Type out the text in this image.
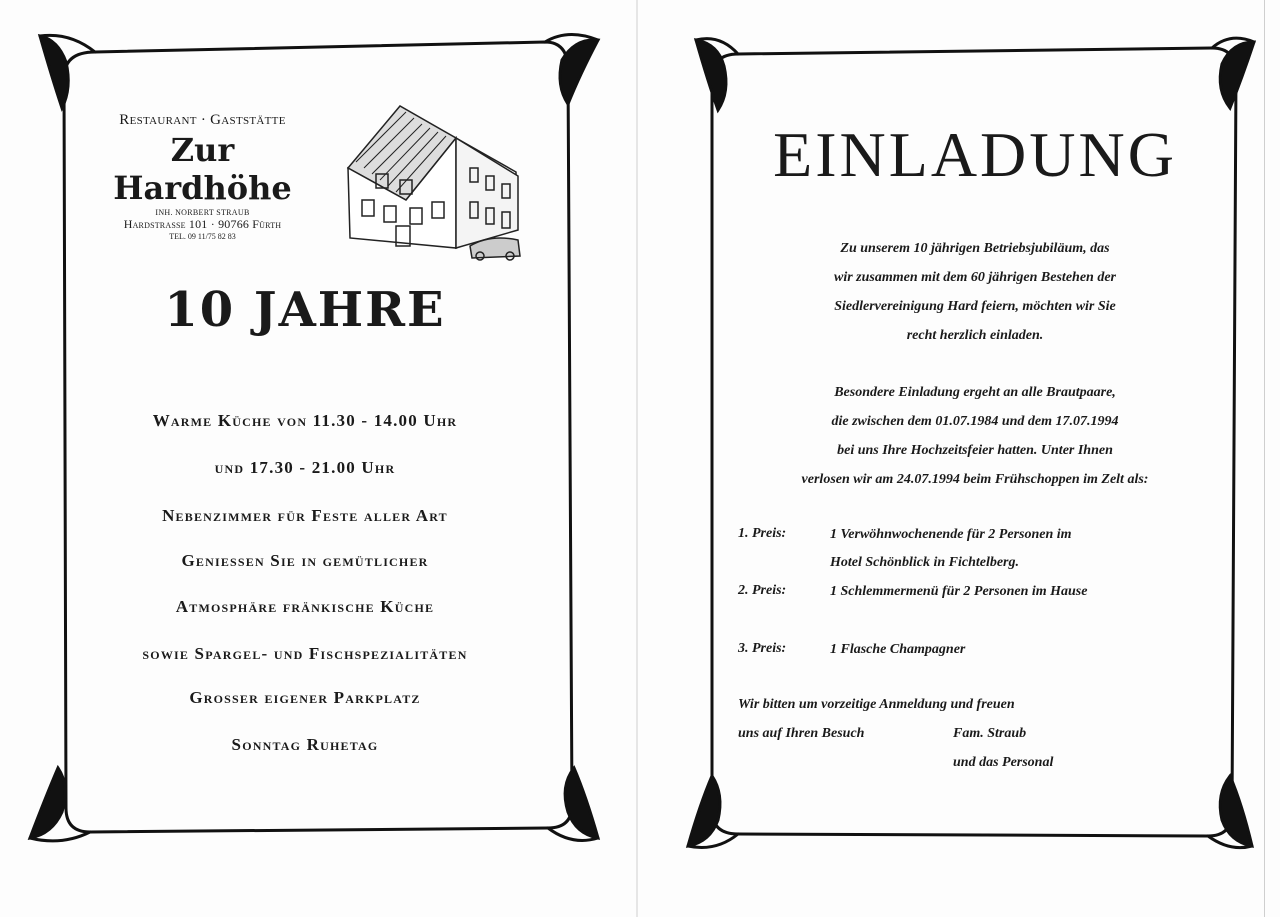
Restaurant · Gaststätte
Zur Hardhöhe
INH. NORBERT STRAUB
Hardstrasse 101 · 90766 Fürth
TEL. 09 11/75 82 83
10 JAHRE
Warme Küche von 11.30 - 14.00 Uhr
und 17.30 - 21.00 Uhr
Nebenzimmer für Feste aller Art
Geniessen Sie in gemütlicher
Atmosphäre fränkische Küche
sowie Spargel- und Fischspezialitäten
Grosser eigener Parkplatz
Sonntag Ruhetag
EINLADUNG
Zu unserem 10 jährigen Betriebsjubiläum, das
wir zusammen mit dem 60 jährigen Bestehen der
Siedlervereinigung Hard feiern, möchten wir Sie
recht herzlich einladen.
Besondere Einladung ergeht an alle Brautpaare,
die zwischen dem 01.07.1984 und dem 17.07.1994
bei uns Ihre Hochzeitsfeier hatten. Unter Ihnen
verlosen wir am 24.07.1994 beim Frühschoppen im Zelt als:
1. Preis:	1 Verwöhnwochenende für 2 Personen im
Hotel Schönblick in Fichtelberg.
2. Preis:	1 Schlemmermenü für 2 Personen im Hause
3. Preis:	1 Flasche Champagner
Wir bitten um vorzeitige Anmeldung und freuen
uns auf Ihren Besuch	Fam. Straub
und das Personal
